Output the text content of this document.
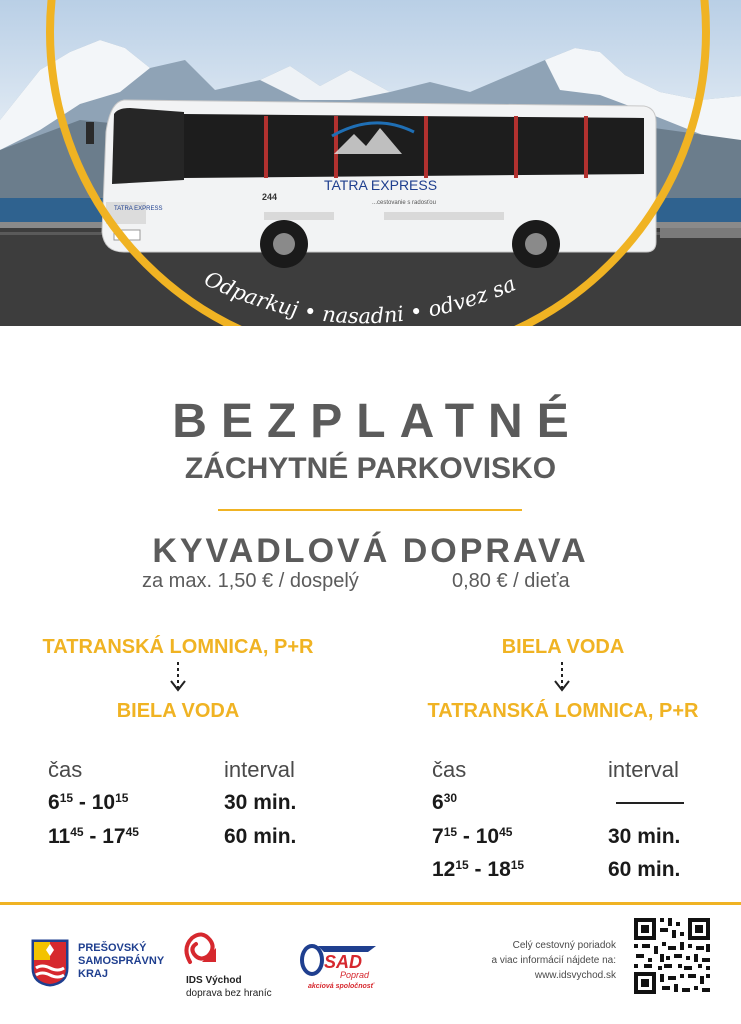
TATRA EXPRESS
...cestovanie s radosťou
244
TATRA EXPRESS
Odparkuj • nasadni • odvez sa
BEZPLATNÉ
ZÁCHYTNÉ PARKOVISKO
KYVADLOVÁ DOPRAVA
za max. 1,50 € / dospelý	0,80 € / dieťa
TATRANSKÁ LOMNICA, P+R
BIELA VODA
čas	interval
$6^{15} - 10^{15}$	30 min.
$11^{45} - 17^{45}$	60 min.
BIELA VODA
TATRANSKÁ LOMNICA, P+R
čas	interval
$6^{30}$
$7^{15} - 10^{45}$	30 min.
$12^{15} - 18^{15}$	60 min.
PREŠOVSKÝ
SAMOSPRÁVNY
KRAJ
IDS Východ
doprava bez hraníc
SAD
Poprad
akciová spoločnosť
Celý cestovný poriadok
a viac informácií nájdete na:
www.idsvychod.sk
